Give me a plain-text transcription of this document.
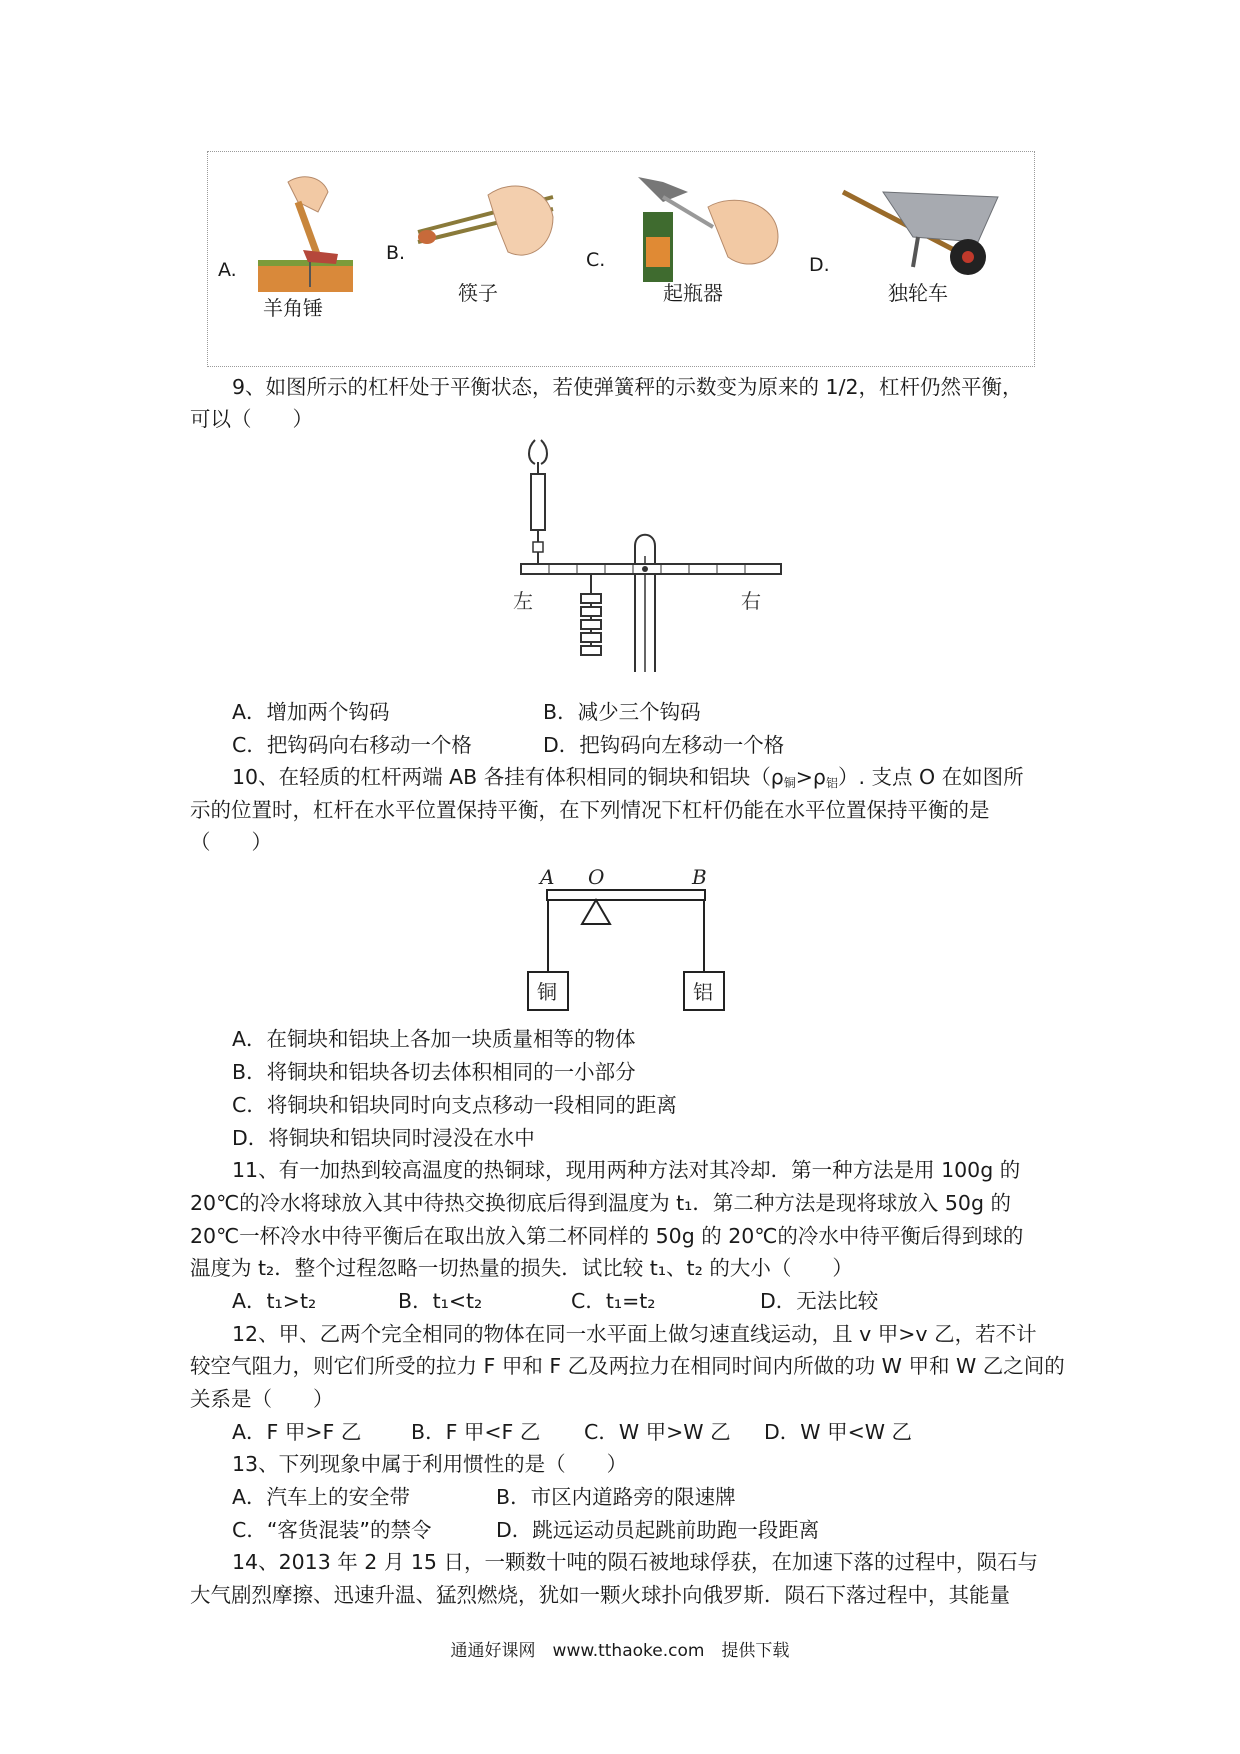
A.
羊角锤
B.
筷子
C.
起瓶器
D.
独轮车
9、如图所示的杠杆处于平衡状态，若使弹簧秤的示数变为原来的 1/2，杠杆仍然平衡，
可以（　　）
左	右
A．增加两个钩码	B．减少三个钩码
C．把钩码向右移动一个格	D．把钩码向左移动一个格
10、在轻质的杠杆两端 AB 各挂有体积相同的铜块和铝块（ρ铜>ρ铝）. 支点 O 在如图所
示的位置时，杠杆在水平位置保持平衡，在下列情况下杠杆仍能在水平位置保持平衡的是
（　　）
A O	B
铜	铝
A．在铜块和铝块上各加一块质量相等的物体
B．将铜块和铝块各切去体积相同的一小部分
C．将铜块和铝块同时向支点移动一段相同的距离
D．将铜块和铝块同时浸没在水中
11、有一加热到较高温度的热铜球，现用两种方法对其冷却．第一种方法是用 100g 的
20℃的冷水将球放入其中待热交换彻底后得到温度为 t₁．第二种方法是现将球放入 50g 的
20℃一杯冷水中待平衡后在取出放入第二杯同样的 50g 的 20℃的冷水中待平衡后得到球的
温度为 t₂．整个过程忽略一切热量的损失．试比较 t₁、t₂ 的大小（　　）
A．t₁>t₂	B．t₁<t₂	C．t₁=t₂	D．无法比较
12、甲、乙两个完全相同的物体在同一水平面上做匀速直线运动，且 v 甲>v 乙，若不计
较空气阻力，则它们所受的拉力 F 甲和 F 乙及两拉力在相同时间内所做的功 W 甲和 W 乙之间的
关系是（　　）
A．F 甲>F 乙 B．F 甲<F 乙 C．W 甲>W 乙 D．W 甲<W 乙
13、下列现象中属于利用惯性的是（　　）
A．汽车上的安全带	B．市区内道路旁的限速牌
C．“客货混装”的禁令	D．跳远运动员起跳前助跑一段距离
14、2013 年 2 月 15 日，一颗数十吨的陨石被地球俘获，在加速下落的过程中，陨石与
大气剧烈摩擦、迅速升温、猛烈燃烧，犹如一颗火球扑向俄罗斯．陨石下落过程中，其能量
通通好课网　www.tthaoke.com　提供下载
